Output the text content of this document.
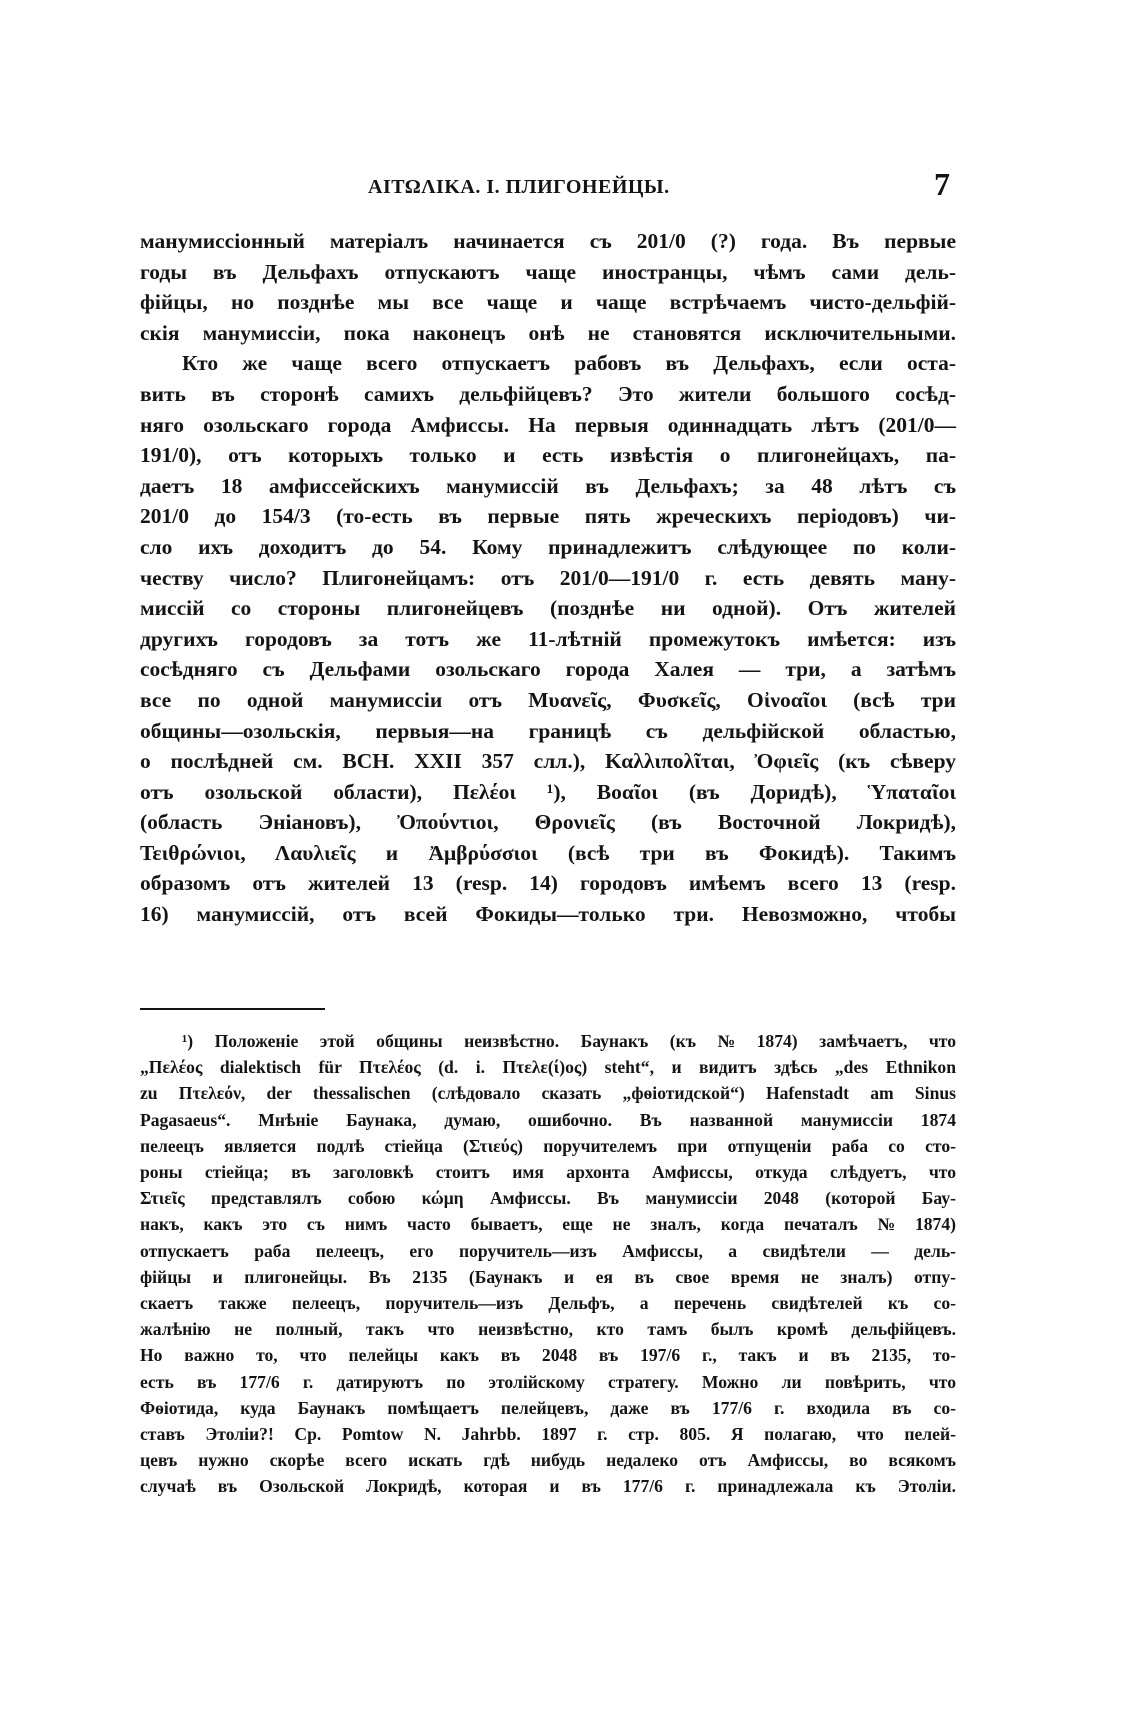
ΑΙΤΩΛΙΚΑ. I. ПЛИГОНЕЙЦЫ.	7

манумиссіонный матеріалъ начинается съ 201/0 (?) года. Въ первые
годы въ Дельфахъ отпускаютъ чаще иностранцы, чѣмъ сами дель-
фійцы, но позднѣе мы все чаще и чаще встрѣчаемъ чисто-дельфій-
скія манумиссіи, пока наконецъ онѣ не становятся исключительными.

Кто же чаще всего отпускаетъ рабовъ въ Дельфахъ, если оста-
вить въ сторонѣ самихъ дельфійцевъ? Это жители большого сосѣд-
няго озольскаго города Амфиссы. На первыя одиннадцать лѣтъ (201/0—
191/0), отъ которыхъ только и есть извѣстія о плигонейцахъ, па-
даетъ 18 амфиссейскихъ манумиссій въ Дельфахъ; за 48 лѣтъ съ
201/0 до 154/3 (то-есть въ первые пять жреческихъ періодовъ) чи-
сло ихъ доходитъ до 54. Кому принадлежитъ слѣдующее по коли-
честву число? Плигонейцамъ: отъ 201/0—191/0 г. есть девять ману-
миссій со стороны плигонейцевъ (позднѣе ни одной). Отъ жителей
другихъ городовъ за тотъ же 11-лѣтній промежутокъ имѣется: изъ
сосѣдняго съ Дельфами озольскаго города Халея — три, а затѣмъ
все по одной манумиссіи отъ Μυανεῖς, Φυσκεῖς, Οἰνοαῖοι (всѣ три
общины—озольскія, первыя—на границѣ съ дельфійской областью,
о послѣдней см. BCH. XXII 357 слл.), Καλλιπολῖται, Ὀφιεῖς (къ сѣверу
отъ озольской области), Πελέοι ¹), Βοαῖοι (въ Доридѣ), Ὑπαταῖοι
(область Эніановъ), Ὀπούντιοι, Θρονιεῖς (въ Восточной Локридѣ),
Τειθρώνιοι, Λαυλιεῖς и Ἀμβρύσσιοι (всѣ три въ Фокидѣ). Такимъ
образомъ отъ жителей 13 (resp. 14) городовъ имѣемъ всего 13 (resp.
16) манумиссій, отъ всей Фокиды—только три. Невозможно, чтобы

¹) Положеніе этой общины неизвѣстно. Баунакъ (къ № 1874) замѣчаетъ, что
„Πελέος dialektisch für Πτελέος (d. i. Πτελε(ί)ος) steht“, и видитъ здѣсь „des Ethnikon
zu Πτελεόν, der thessalischen (слѣдовало сказать „фѳіотидской“) Hafenstadt am Sinus
Pagasaeus“. Мнѣніе Баунака, думаю, ошибочно. Въ названной манумиссіи 1874
пелеецъ является подлѣ стіейца (Στιεύς) поручителемъ при отпущеніи раба со сто-
роны стіейца; въ заголовкѣ стоитъ имя архонта Амфиссы, откуда слѣдуетъ, что
Στιεῖς представлялъ собою κώμη Амфиссы. Въ манумиссіи 2048 (которой Бау-
накъ, какъ это съ нимъ часто бываетъ, еще не зналъ, когда печаталъ № 1874)
отпускаетъ раба пелеецъ, его поручитель—изъ Амфиссы, а свидѣтели — дель-
фійцы и плигонейцы. Въ 2135 (Баунакъ и ея въ свое время не зналъ) отпу-
скаетъ также пелеецъ, поручитель—изъ Дельфъ, а перечень свидѣтелей къ со-
жалѣнію не полный, такъ что неизвѣстно, кто тамъ былъ кромѣ дельфійцевъ.
Но важно то, что пелейцы какъ въ 2048 въ 197/6 г., такъ и въ 2135, то-
есть въ 177/6 г. датируютъ по этолійскому стратегу. Можно ли повѣрить, что
Фѳіотида, куда Баунакъ помѣщаетъ пелейцевъ, даже въ 177/6 г. входила въ со-
ставъ Этоліи?! Ср. Pomtow N. Jahrbb. 1897 г. стр. 805. Я полагаю, что пелей-
цевъ нужно скорѣе всего искать гдѣ нибудь недалеко отъ Амфиссы, во всякомъ
случаѣ въ Озольской Локридѣ, которая и въ 177/6 г. принадлежала къ Этоліи.
